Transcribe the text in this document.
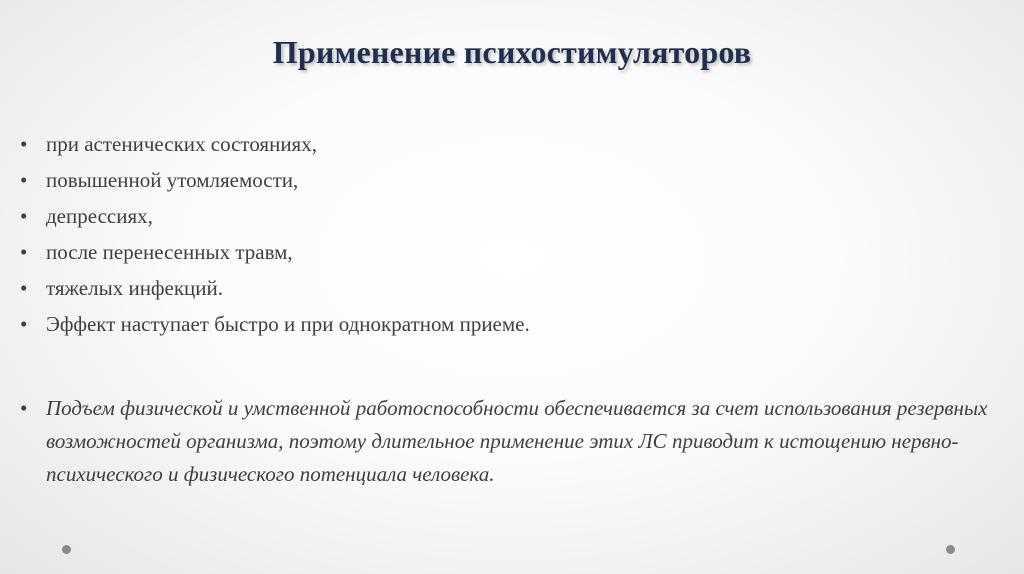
Применение психостимуляторов
• при астенических состояниях,
• повышенной утомляемости,
• депрессиях,
• после перенесенных травм,
• тяжелых инфекций.
• Эффект наступает быстро и при однократном приеме.
• Подъем физической и умственной работоспособности обеспечивается за счет использования резервных возможностей организма, поэтому длительное применение этих ЛС приводит к истощению нервно-психического и физического потенциала человека.
